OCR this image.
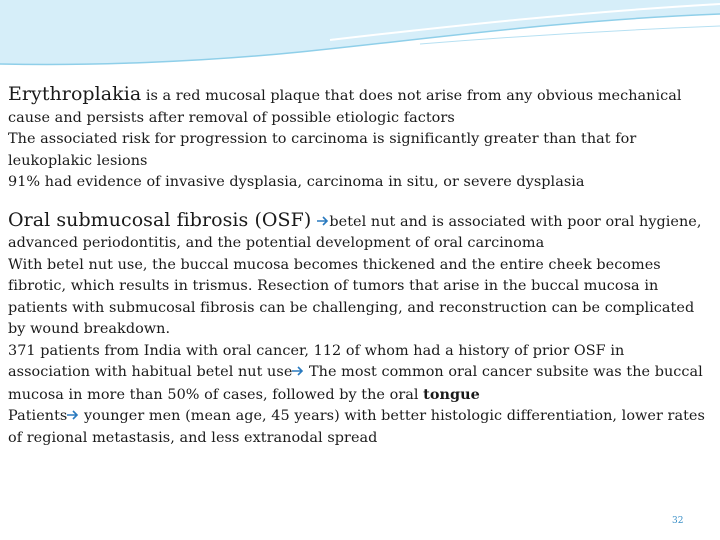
Erythroplakia is a red mucosal plaque that does not arise from any obvious mechanical cause and persists after removal of possible etiologic factors
The associated risk for progression to carcinoma is significantly greater than that for leukoplakic lesions
91% had evidence of invasive dysplasia, carcinoma in situ, or severe dysplasia

Oral submucosal fibrosis (OSF) betel nut and is associated with poor oral hygiene, advanced periodontitis, and the potential development of oral carcinoma
With betel nut use, the buccal mucosa becomes thickened and the entire cheek becomes fibrotic, which results in trismus. Resection of tumors that arise in the buccal mucosa in patients with submucosal fibrosis can be challenging, and reconstruction can be complicated by wound breakdown.
371 patients from India with oral cancer, 112 of whom had a history of prior OSF in association with habitual betel nut use The most common oral cancer subsite was the buccal mucosa in more than 50% of cases, followed by the oral tongue
Patients younger men (mean age, 45 years) with better histologic differentiation, lower rates of regional metastasis, and less extranodal spread

32
